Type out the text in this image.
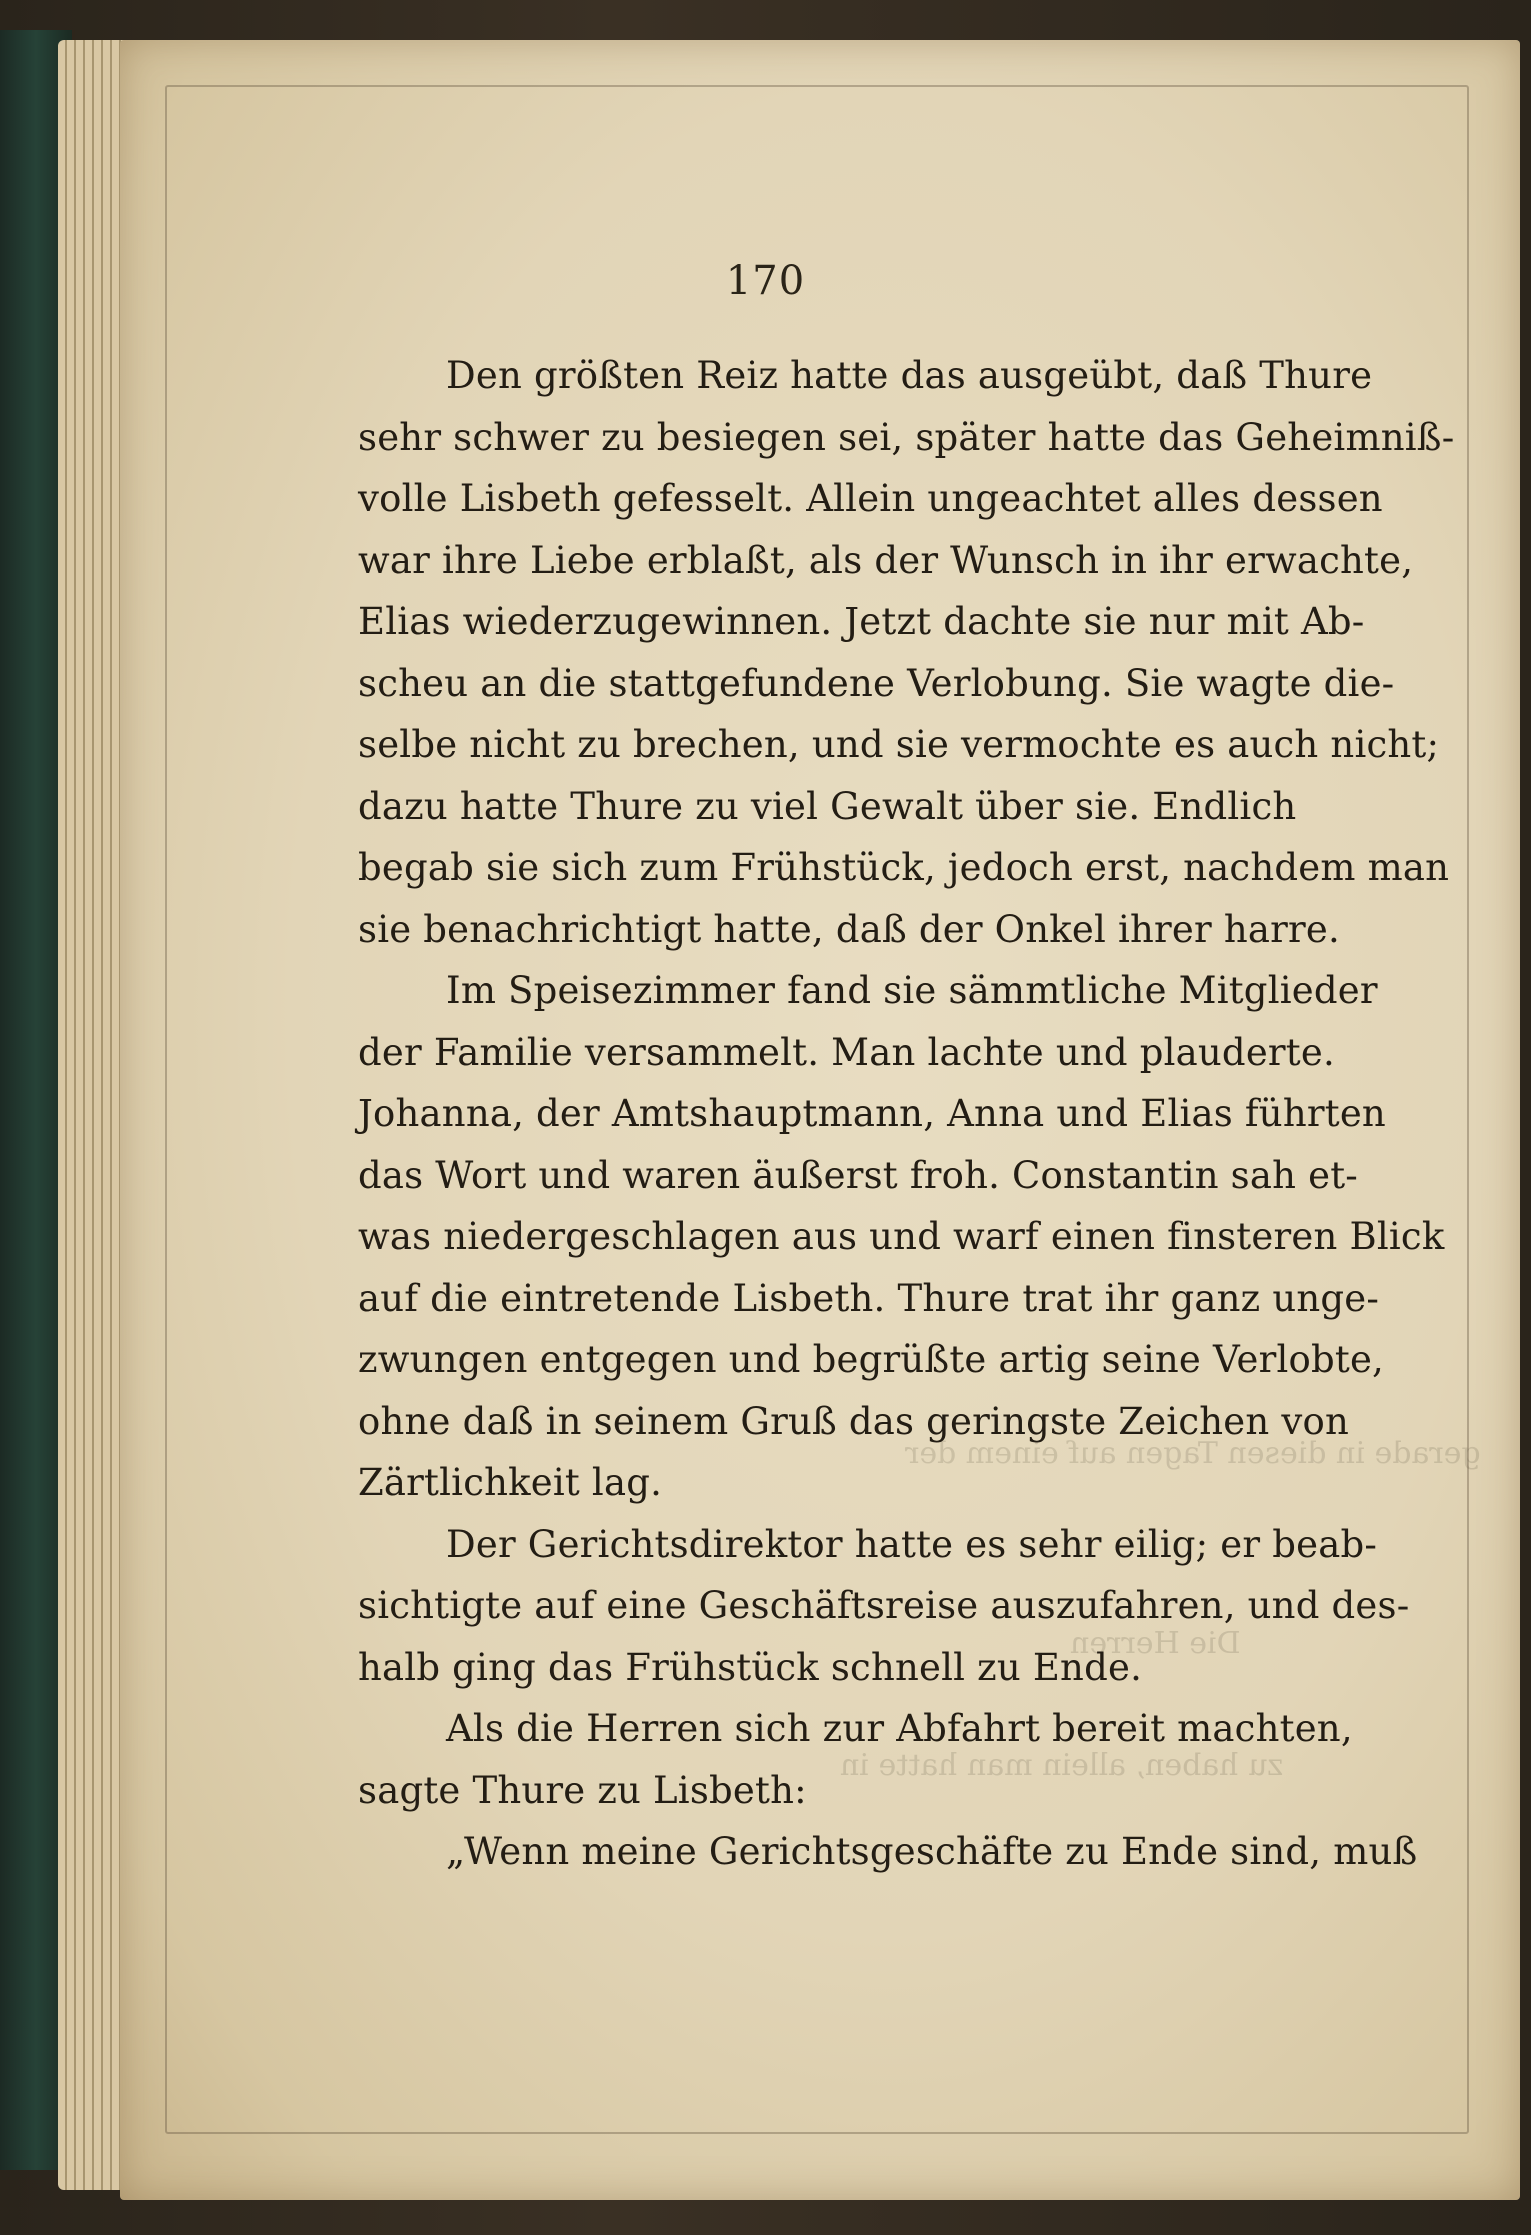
gerade in diesen Tagen auf einem der
Die Herren
zu haben, allein man hatte in
170
Den größten Reiz hatte das ausgeübt, daß Thure
sehr schwer zu besiegen sei, später hatte das Geheimniß-
volle Lisbeth gefesselt. Allein ungeachtet alles dessen
war ihre Liebe erblaßt, als der Wunsch in ihr erwachte,
Elias wiederzugewinnen. Jetzt dachte sie nur mit Ab-
scheu an die stattgefundene Verlobung. Sie wagte die-
selbe nicht zu brechen, und sie vermochte es auch nicht;
dazu hatte Thure zu viel Gewalt über sie. Endlich
begab sie sich zum Frühstück, jedoch erst, nachdem man
sie benachrichtigt hatte, daß der Onkel ihrer harre.
Im Speisezimmer fand sie sämmtliche Mitglieder
der Familie versammelt. Man lachte und plauderte.
Johanna, der Amtshauptmann, Anna und Elias führten
das Wort und waren äußerst froh. Constantin sah et-
was niedergeschlagen aus und warf einen finsteren Blick
auf die eintretende Lisbeth. Thure trat ihr ganz unge-
zwungen entgegen und begrüßte artig seine Verlobte,
ohne daß in seinem Gruß das geringste Zeichen von
Zärtlichkeit lag.
Der Gerichtsdirektor hatte es sehr eilig; er beab-
sichtigte auf eine Geschäftsreise auszufahren, und des-
halb ging das Frühstück schnell zu Ende.
Als die Herren sich zur Abfahrt bereit machten,
sagte Thure zu Lisbeth:
„Wenn meine Gerichtsgeschäfte zu Ende sind, muß
